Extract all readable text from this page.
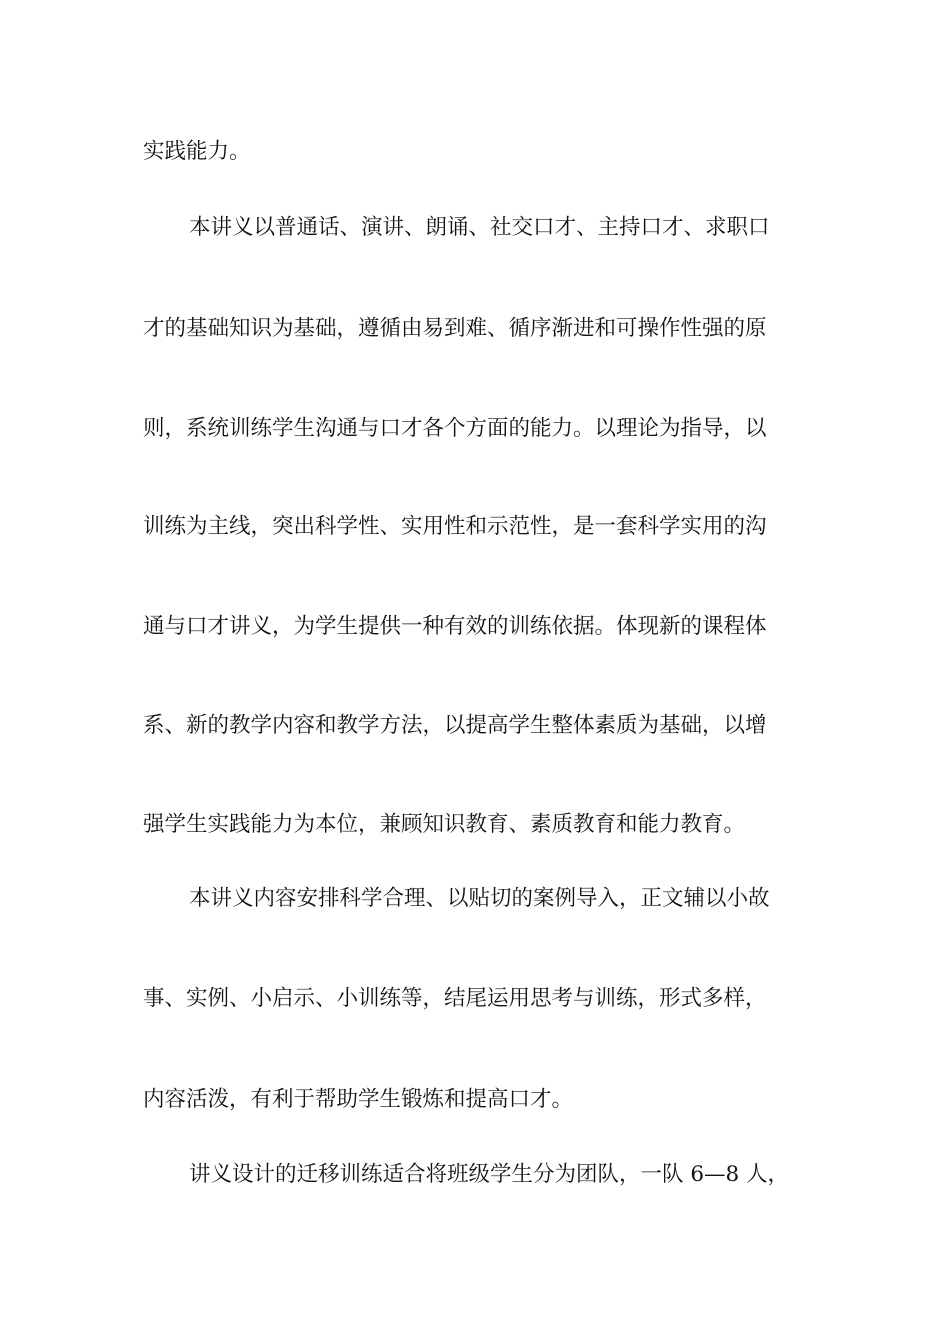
实践能力。
本讲义以普通话、演讲、朗诵、社交口才、主持口才、求职口
才的基础知识为基础，遵循由易到难、循序渐进和可操作性强的原
则，系统训练学生沟通与口才各个方面的能力。以理论为指导，以
训练为主线，突出科学性、实用性和示范性，是一套科学实用的沟
通与口才讲义，为学生提供一种有效的训练依据。体现新的课程体
系、新的教学内容和教学方法，以提高学生整体素质为基础，以增
强学生实践能力为本位，兼顾知识教育、素质教育和能力教育。
本讲义内容安排科学合理、以贴切的案例导入，正文辅以小故
事、实例、小启示、小训练等，结尾运用思考与训练，形式多样，
内容活泼，有利于帮助学生锻炼和提高口才。
讲义设计的迁移训练适合将班级学生分为团队，一队 6—8 人，
